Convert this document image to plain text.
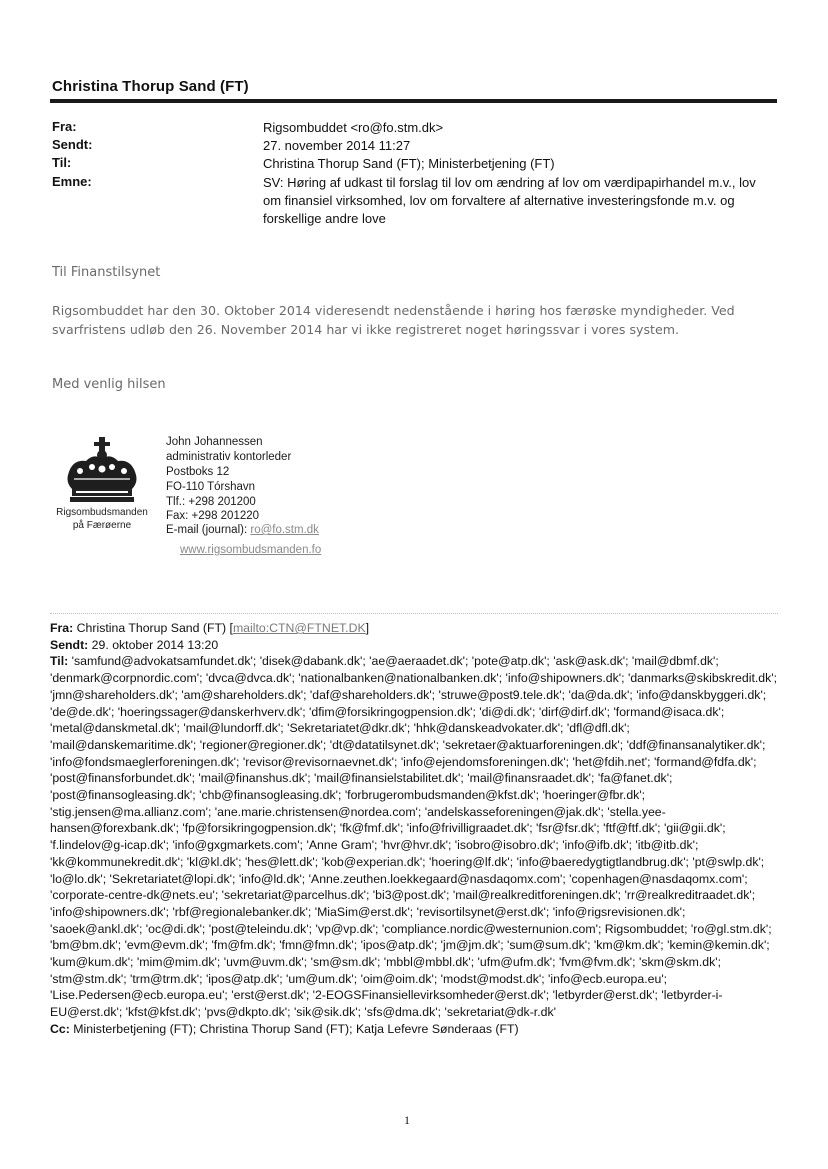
Christina Thorup Sand (FT)
Fra:	Rigsombuddet <ro@fo.stm.dk>
Sendt:	27. november 2014 11:27
Til:	Christina Thorup Sand (FT); Ministerbetjening (FT)
Emne:	SV: Høring af udkast til forslag til lov om ændring af lov om værdipapirhandel m.v., lov om finansiel virksomhed, lov om forvaltere af alternative investeringsfonde m.v. og forskellige andre love
Til Finanstilsynet
Rigsombuddet har den 30. Oktober 2014 videresendt nedenstående i høring hos færøske myndigheder. Ved
svarfristens udløb den 26. November 2014 har vi ikke registreret noget høringssvar i vores system.
Med venlig hilsen
Rigsombudsmanden
på Færøerne
John Johannessen
administrativ kontorleder
Postboks 12
FO-110 Tórshavn
Tlf.: +298 201200
Fax: +298 201220
E-mail (journal): ro@fo.stm.dk
www.rigsombudsmanden.fo
Fra: Christina Thorup Sand (FT) [mailto:CTN@FTNET.DK]
Sendt: 29. oktober 2014 13:20
Til: 'samfund@advokatsamfundet.dk'; 'disek@dabank.dk'; 'ae@aeraadet.dk'; 'pote@atp.dk'; 'ask@ask.dk'; 'mail@dbmf.dk'; 'denmark@corpnordic.com'; 'dvca@dvca.dk'; 'nationalbanken@nationalbanken.dk'; 'info@shipowners.dk'; 'danmarks@skibskredit.dk'; 'jmn@shareholders.dk'; 'am@shareholders.dk'; 'daf@shareholders.dk'; 'struwe@post9.tele.dk'; 'da@da.dk'; 'info@danskbyggeri.dk'; 'de@de.dk'; 'hoeringssager@danskerhverv.dk'; 'dfim@forsikringogpension.dk'; 'di@di.dk'; 'dirf@dirf.dk'; 'formand@isaca.dk'; 'metal@danskmetal.dk'; 'mail@lundorff.dk'; 'Sekretariatet@dkr.dk'; 'hhk@danskeadvokater.dk'; 'dfl@dfl.dk'; 'mail@danskemaritime.dk'; 'regioner@regioner.dk'; 'dt@datatilsynet.dk'; 'sekretaer@aktuarforeningen.dk'; 'ddf@finansanalytiker.dk'; 'info@fondsmaeglerforeningen.dk'; 'revisor@revisornaevnet.dk'; 'info@ejendomsforeningen.dk'; 'het@fdih.net'; 'formand@fdfa.dk'; 'post@finansforbundet.dk'; 'mail@finanshus.dk'; 'mail@finansielstabilitet.dk'; 'mail@finansraadet.dk'; 'fa@fanet.dk'; 'post@finansogleasing.dk'; 'chb@finansogleasing.dk'; 'forbrugerombudsmanden@kfst.dk'; 'hoeringer@fbr.dk'; 'stig.jensen@ma.allianz.com'; 'ane.marie.christensen@nordea.com'; 'andelskasseforeningen@jak.dk'; 'stella.yee-hansen@forexbank.dk'; 'fp@forsikringogpension.dk'; 'fk@fmf.dk'; 'info@frivilligraadet.dk'; 'fsr@fsr.dk'; 'ftf@ftf.dk'; 'gii@gii.dk'; 'f.lindelov@g-icap.dk'; 'info@gxgmarkets.com'; 'Anne Gram'; 'hvr@hvr.dk'; 'isobro@isobro.dk'; 'info@ifb.dk'; 'itb@itb.dk'; 'kk@kommunekredit.dk'; 'kl@kl.dk'; 'hes@lett.dk'; 'kob@experian.dk'; 'hoering@lf.dk'; 'info@baeredygtigtlandbrug.dk'; 'pt@swlp.dk'; 'lo@lo.dk'; 'Sekretariatet@lopi.dk'; 'info@ld.dk'; 'Anne.zeuthen.loekkegaard@nasdaqomx.com'; 'copenhagen@nasdaqomx.com'; 'corporate-centre-dk@nets.eu'; 'sekretariat@parcelhus.dk'; 'bi3@post.dk'; 'mail@realkreditforeningen.dk'; 'rr@realkreditraadet.dk'; 'info@shipowners.dk'; 'rbf@regionalebanker.dk'; 'MiaSim@erst.dk'; 'revisortilsynet@erst.dk'; 'info@rigsrevisionen.dk'; 'saoek@ankl.dk'; 'oc@di.dk'; 'post@teleindu.dk'; 'vp@vp.dk'; 'compliance.nordic@westernunion.com'; Rigsombuddet; 'ro@gl.stm.dk'; 'bm@bm.dk'; 'evm@evm.dk'; 'fm@fm.dk'; 'fmn@fmn.dk'; 'ipos@atp.dk'; 'jm@jm.dk'; 'sum@sum.dk'; 'km@km.dk'; 'kemin@kemin.dk'; 'kum@kum.dk'; 'mim@mim.dk'; 'uvm@uvm.dk'; 'sm@sm.dk'; 'mbbl@mbbl.dk'; 'ufm@ufm.dk'; 'fvm@fvm.dk'; 'skm@skm.dk'; 'stm@stm.dk'; 'trm@trm.dk'; 'ipos@atp.dk'; 'um@um.dk'; 'oim@oim.dk'; 'modst@modst.dk'; 'info@ecb.europa.eu'; 'Lise.Pedersen@ecb.europa.eu'; 'erst@erst.dk'; '2-EOGSFinansiellevirksomheder@erst.dk'; 'letbyrder@erst.dk'; 'letbyrder-i-EU@erst.dk'; 'kfst@kfst.dk'; 'pvs@dkpto.dk'; 'sik@sik.dk'; 'sfs@dma.dk'; 'sekretariat@dk-r.dk'
Cc: Ministerbetjening (FT); Christina Thorup Sand (FT); Katja Lefevre Sønderaas (FT)
1
